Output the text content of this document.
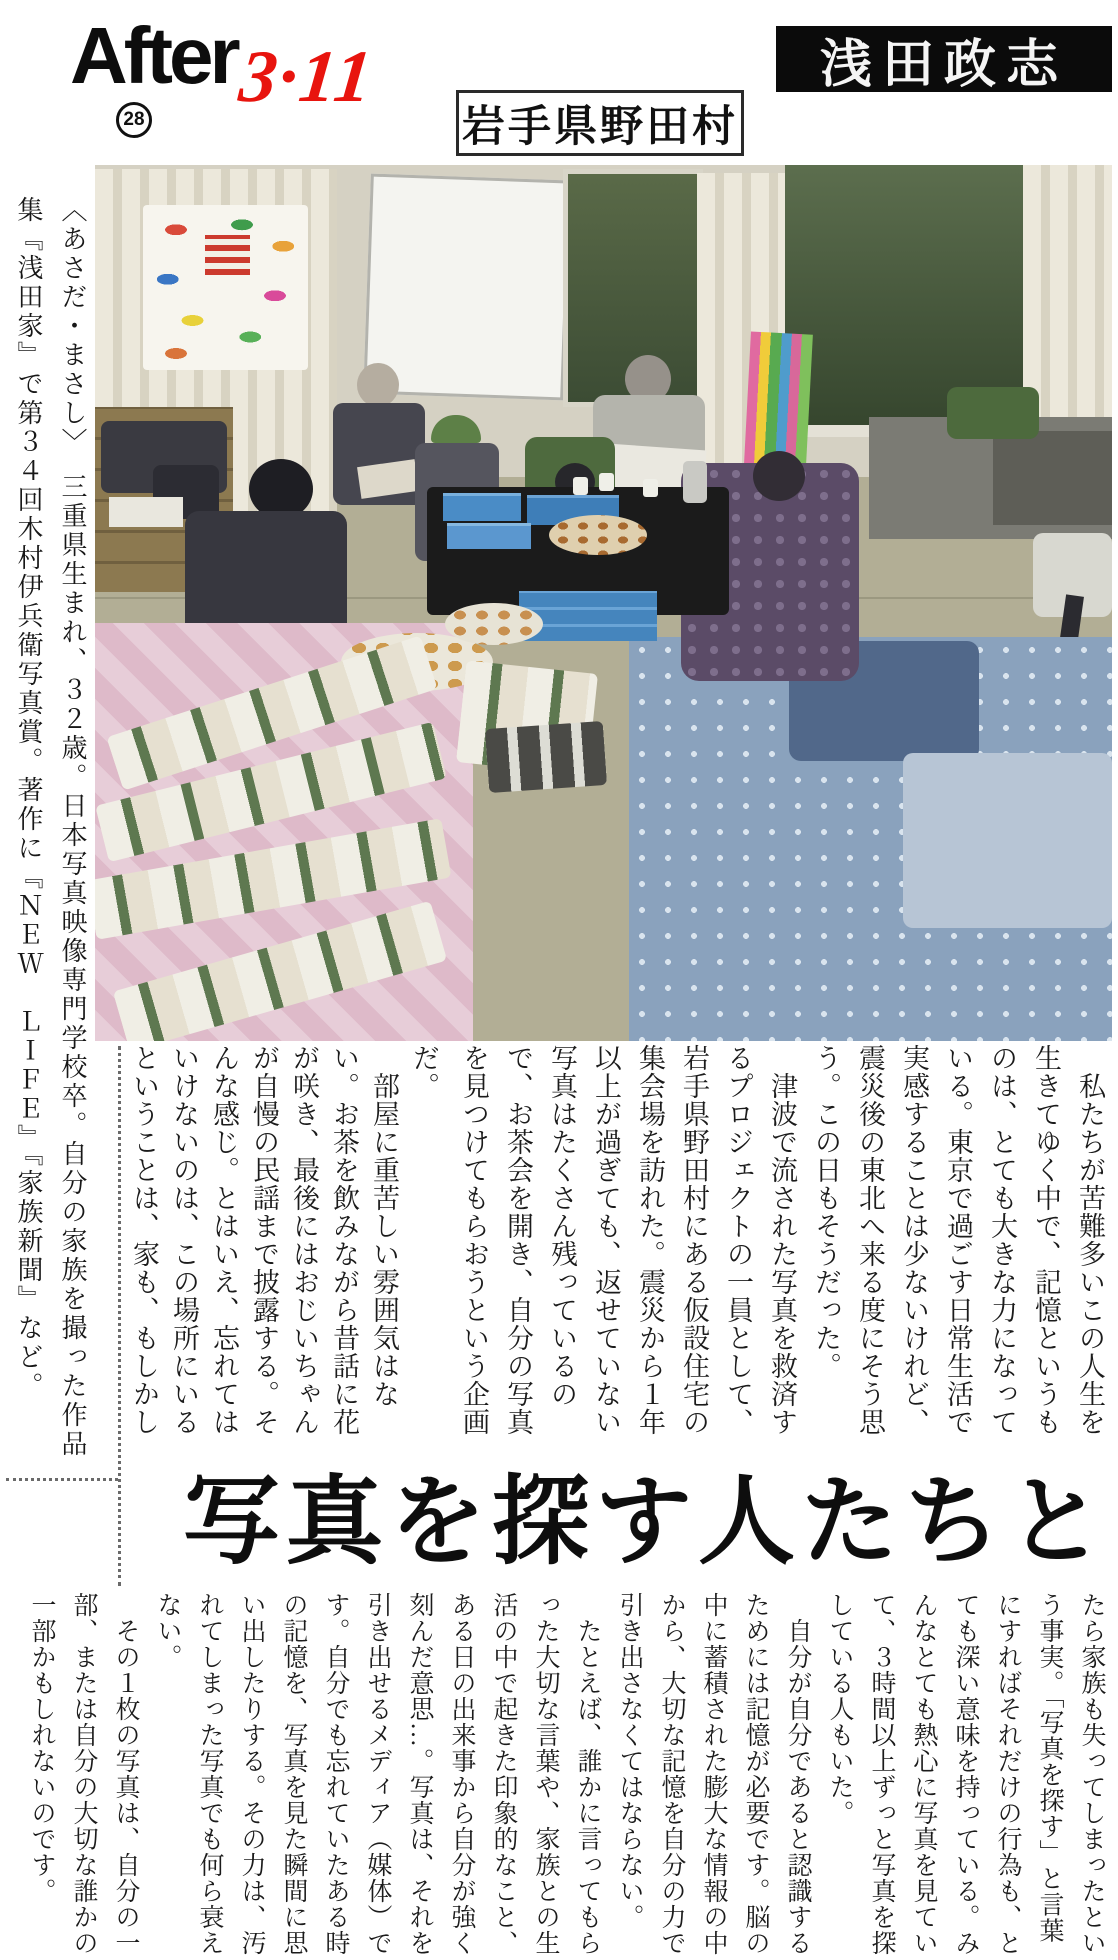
After 3·11
28	岩手県野田村
浅田政志

〈あさだ・まさし〉　三重県生まれ、３２歳。日本写真映像専門学校卒。自分の家族を撮った作品集『浅田家』で第３４回木村伊兵衛写真賞。著作に『ＮＥＷ　ＬＩＦＥ』『家族新聞』など。	　私たちが苦難多いこの人生を生きてゆく中で、記憶というものは、とても大きな力になっている。東京で過ごす日常生活で実感することは少ないけれど、震災後の東北へ来る度にそう思う。この日もそうだった。

　津波で流された写真を救済するプロジェクトの一員として、岩手県野田村にある仮設住宅の集会場を訪れた。震災から１年以上が過ぎても、返せていない写真はたくさん残っているので、お茶会を開き、自分の写真を見つけてもらおうという企画

だ。

　部屋に重苦しい雰囲気はない。お茶を飲みながら昔話に花が咲き、最後にはおじいちゃんが自慢の民謡まで披露する。そんな感じ。とはいえ、忘れてはいけないのは、この場所にいるということは、家も、もしかし

写真を探す人たちと

たら家族も失ってしまったという事実。「写真を探す」と言葉にすればそれだけの行為も、とても深い意味を持っている。みんなとても熱心に写真を見ていて、３時間以上ずっと写真を探している人もいた。

　自分が自分であると認識するためには記憶が必要です。脳の中に蓄積された膨大な情報の中から、大切な記憶を自分の力で引き出さなくてはならない。

　たとえば、誰かに言ってもらった大切な言葉や、家族との生活の中で起きた印象的なこと、ある日の出来事から自分が強く刻んだ意思…。写真は、それを引き出せるメディア（媒体）です。自分でも忘れていたある時の記憶を、写真を見た瞬間に思い出したりする。その力は、汚れてしまった写真でも何ら衰えない。

　その１枚の写真は、自分の一部、または自分の大切な誰かの一部かもしれないのです。
